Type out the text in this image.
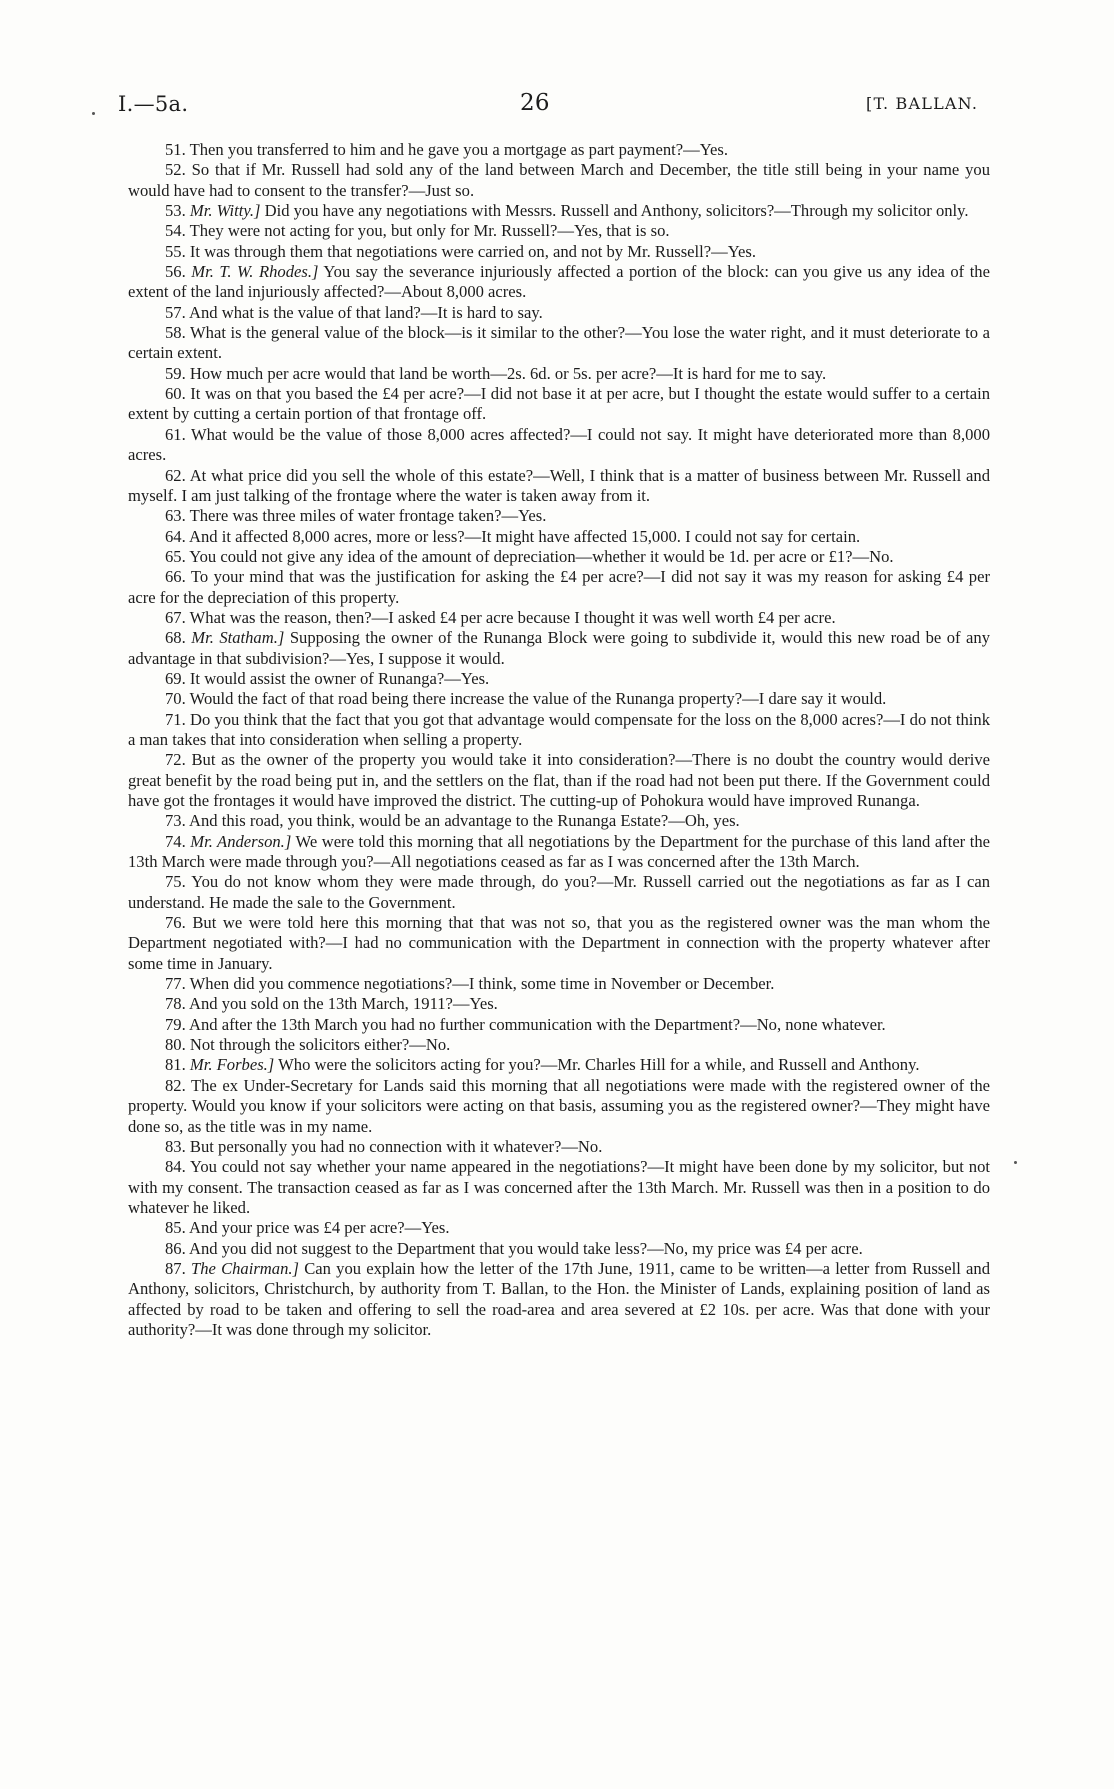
I.—5a.	26	[T. BALLAN.

51. Then you transferred to him and he gave you a mortgage as part payment?—Yes.

52. So that if Mr. Russell had sold any of the land between March and December, the title still being in your name you would have had to consent to the transfer?—Just so.

53. Mr. Witty.] Did you have any negotiations with Messrs. Russell and Anthony, solicitors?—Through my solicitor only.

54. They were not acting for you, but only for Mr. Russell?—Yes, that is so.

55. It was through them that negotiations were carried on, and not by Mr. Russell?—Yes.

56. Mr. T. W. Rhodes.] You say the severance injuriously affected a portion of the block: can you give us any idea of the extent of the land injuriously affected?—About 8,000 acres.

57. And what is the value of that land?—It is hard to say.

58. What is the general value of the block—is it similar to the other?—You lose the water right, and it must deteriorate to a certain extent.

59. How much per acre would that land be worth—2s. 6d. or 5s. per acre?—It is hard for me to say.

60. It was on that you based the £4 per acre?—I did not base it at per acre, but I thought the estate would suffer to a certain extent by cutting a certain portion of that frontage off.

61. What would be the value of those 8,000 acres affected?—I could not say. It might have deteriorated more than 8,000 acres.

62. At what price did you sell the whole of this estate?—Well, I think that is a matter of business between Mr. Russell and myself. I am just talking of the frontage where the water is taken away from it.

63. There was three miles of water frontage taken?—Yes.

64. And it affected 8,000 acres, more or less?—It might have affected 15,000. I could not say for certain.

65. You could not give any idea of the amount of depreciation—whether it would be 1d. per acre or £1?—No.

66. To your mind that was the justification for asking the £4 per acre?—I did not say it was my reason for asking £4 per acre for the depreciation of this property.

67. What was the reason, then?—I asked £4 per acre because I thought it was well worth £4 per acre.

68. Mr. Statham.] Supposing the owner of the Runanga Block were going to subdivide it, would this new road be of any advantage in that subdivision?—Yes, I suppose it would.

69. It would assist the owner of Runanga?—Yes.

70. Would the fact of that road being there increase the value of the Runanga property?—I dare say it would.

71. Do you think that the fact that you got that advantage would compensate for the loss on the 8,000 acres?—I do not think a man takes that into consideration when selling a property.

72. But as the owner of the property you would take it into consideration?—There is no doubt the country would derive great benefit by the road being put in, and the settlers on the flat, than if the road had not been put there. If the Government could have got the frontages it would have improved the district. The cutting-up of Pohokura would have improved Runanga.

73. And this road, you think, would be an advantage to the Runanga Estate?—Oh, yes.

74. Mr. Anderson.] We were told this morning that all negotiations by the Department for the purchase of this land after the 13th March were made through you?—All negotiations ceased as far as I was concerned after the 13th March.

75. You do not know whom they were made through, do you?—Mr. Russell carried out the negotiations as far as I can understand. He made the sale to the Government.

76. But we were told here this morning that that was not so, that you as the registered owner was the man whom the Department negotiated with?—I had no communication with the Department in connection with the property whatever after some time in January.

77. When did you commence negotiations?—I think, some time in November or December.

78. And you sold on the 13th March, 1911?—Yes.

79. And after the 13th March you had no further communication with the Department?—No, none whatever.

80. Not through the solicitors either?—No.

81. Mr. Forbes.] Who were the solicitors acting for you?—Mr. Charles Hill for a while, and Russell and Anthony.

82. The ex Under-Secretary for Lands said this morning that all negotiations were made with the registered owner of the property. Would you know if your solicitors were acting on that basis, assuming you as the registered owner?—They might have done so, as the title was in my name.

83. But personally you had no connection with it whatever?—No.

84. You could not say whether your name appeared in the negotiations?—It might have been done by my solicitor, but not with my consent. The transaction ceased as far as I was concerned after the 13th March. Mr. Russell was then in a position to do whatever he liked.

85. And your price was £4 per acre?—Yes.

86. And you did not suggest to the Department that you would take less?—No, my price was £4 per acre.

87. The Chairman.] Can you explain how the letter of the 17th June, 1911, came to be written—a letter from Russell and Anthony, solicitors, Christchurch, by authority from T. Ballan, to the Hon. the Minister of Lands, explaining position of land as affected by road to be taken and offering to sell the road-area and area severed at £2 10s. per acre. Was that done with your authority?—It was done through my solicitor.
